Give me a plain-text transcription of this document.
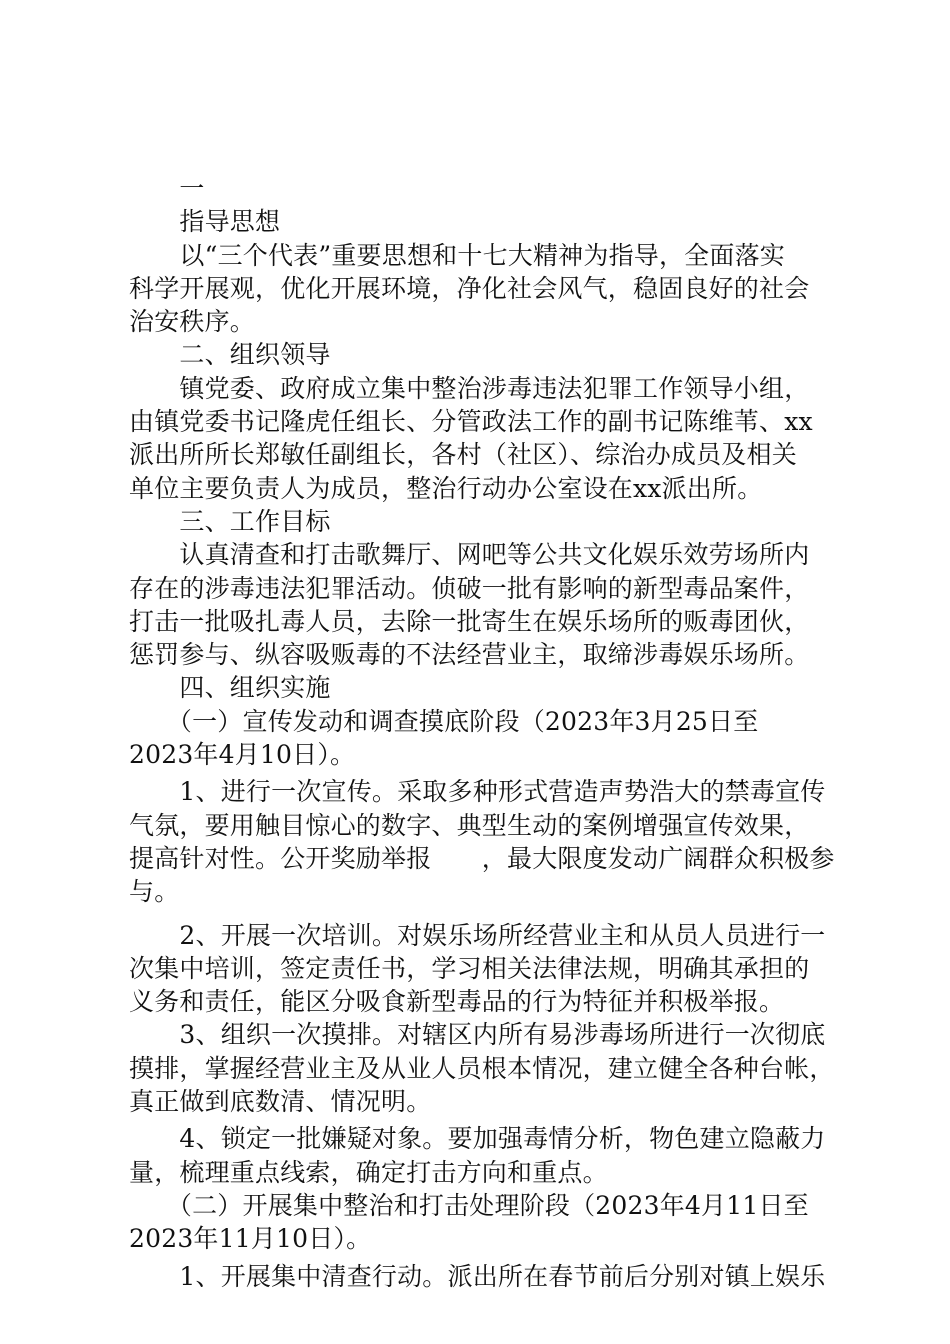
　　一
　　指导思想
　　以“三个代表”重要思想和十七大精神为指导，全面落实
科学开展观，优化开展环境，净化社会风气，稳固良好的社会
治安秩序。
　　二、组织领导
　　镇党委、政府成立集中整治涉毒违法犯罪工作领导小组，
由镇党委书记隆虎任组长、分管政法工作的副书记陈维苇、xx
派出所所长郑敏任副组长，各村（社区）、综治办成员及相关
单位主要负责人为成员，整治行动办公室设在xx派出所。
　　三、工作目标
　　认真清查和打击歌舞厅、网吧等公共文化娱乐效劳场所内
存在的涉毒违法犯罪活动。侦破一批有影响的新型毒品案件，
打击一批吸扎毒人员，去除一批寄生在娱乐场所的贩毒团伙，
惩罚参与、纵容吸贩毒的不法经营业主，取缔涉毒娱乐场所。
　　四、组织实施
　　（一）宣传发动和调查摸底阶段（2023年3月25日至
2023年4月10日）。
　　1、进行一次宣传。采取多种形式营造声势浩大的禁毒宣传
气氛，要用触目惊心的数字、典型生动的案例增强宣传效果，
提高针对性。公开奖励举报　　，最大限度发动广阔群众积极参
与。
　　2、开展一次培训。对娱乐场所经营业主和从员人员进行一
次集中培训，签定责任书，学习相关法律法规，明确其承担的
义务和责任，能区分吸食新型毒品的行为特征并积极举报。
　　3、组织一次摸排。对辖区内所有易涉毒场所进行一次彻底
摸排，掌握经营业主及从业人员根本情况，建立健全各种台帐，
真正做到底数清、情况明。
　　4、锁定一批嫌疑对象。要加强毒情分析，物色建立隐蔽力
量，梳理重点线索，确定打击方向和重点。
　　（二）开展集中整治和打击处理阶段（2023年4月11日至
2023年11月10日）。
　　1、开展集中清查行动。派出所在春节前后分别对镇上娱乐
